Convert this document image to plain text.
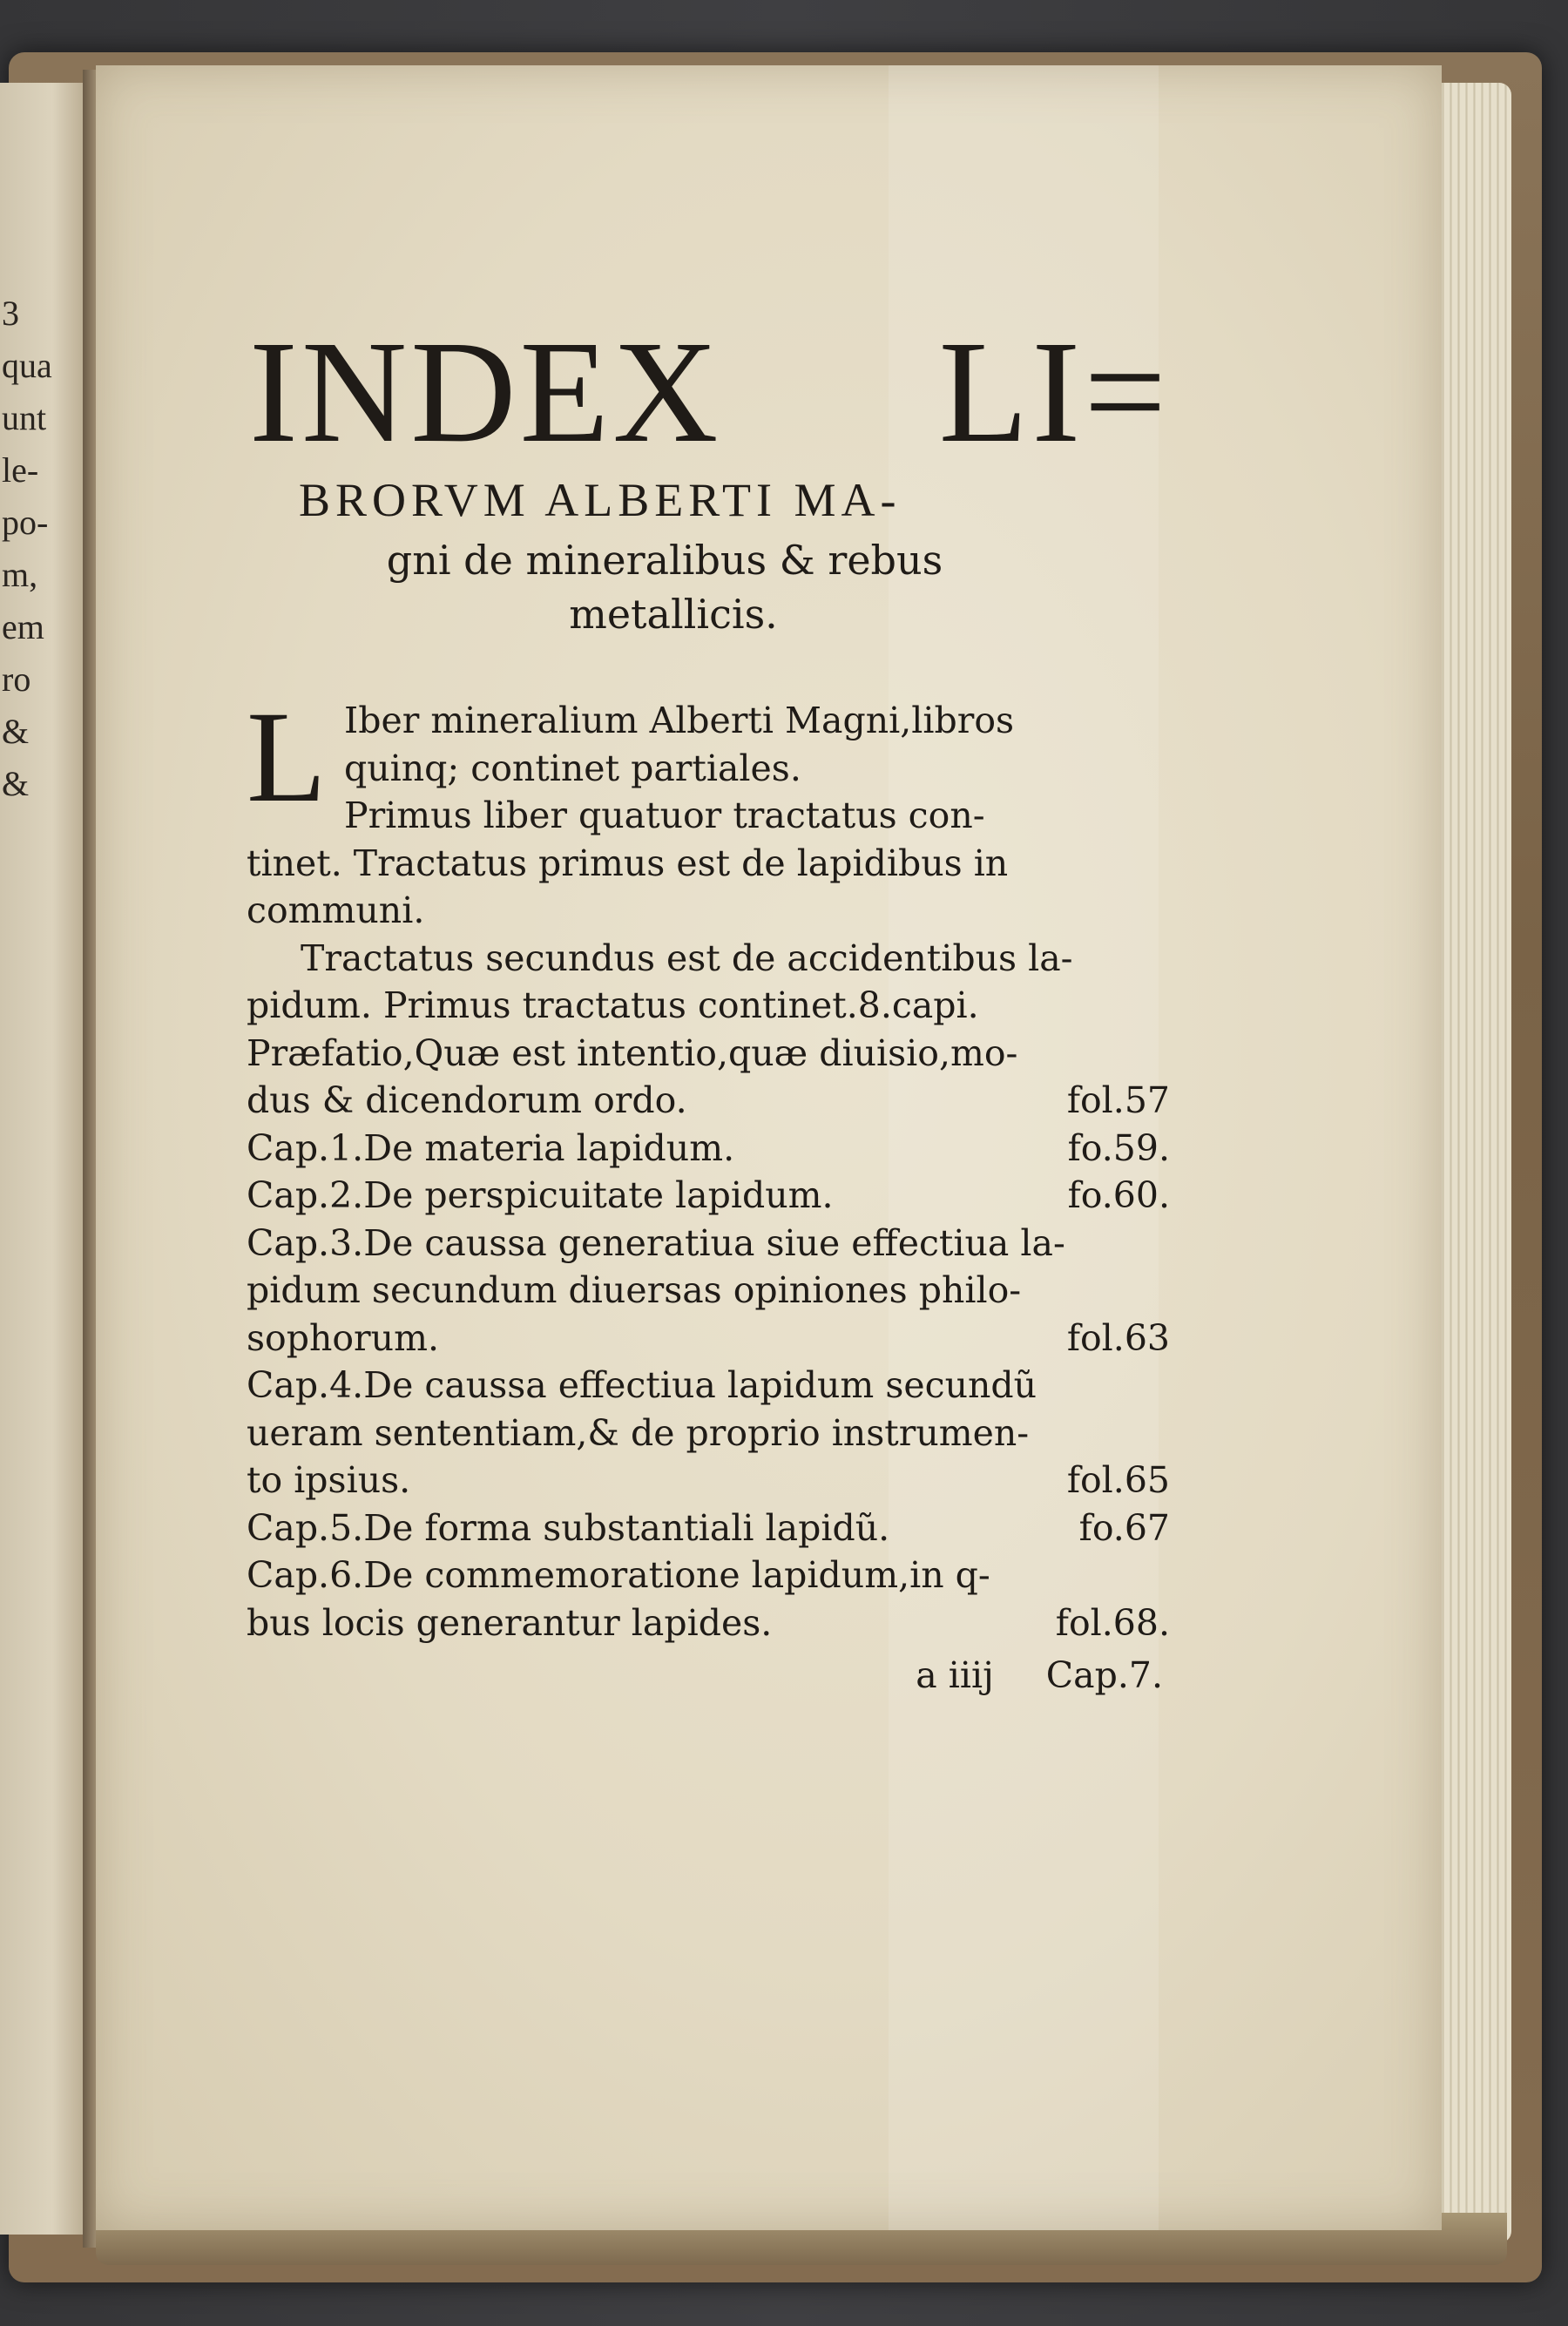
3
qua
unt
le-
po-
m,
em
ro
&
&
INDEX LI=
BRORVM ALBERTI MA-
gni de mineralibus & rebus
metallicis.
L Iber mineralium Alberti Magni,libros
quinq; continet partiales.
Primus liber quatuor tractatus con-
tinet. Tractatus primus est de lapidibus in
communi.
Tractatus secundus est de accidentibus la-
pidum. Primus tractatus continet.8.capi.
Præfatio,Quæ est intentio,quæ diuisio,mo-
dus & dicendorum ordo.	fol.57
Cap.1.De materia lapidum.	fo.59.
Cap.2.De perspicuitate lapidum.	fo.60.
Cap.3.De caussa generatiua siue effectiua la-
pidum secundum diuersas opiniones philo-
sophorum.	fol.63
Cap.4.De caussa effectiua lapidum secundũ
ueram sententiam,& de proprio instrumen-
to ipsius.	fol.65
Cap.5.De forma substantiali lapidũ.	fo.67
Cap.6.De commemoratione lapidum,in q-
bus locis generantur lapides.	fol.68.
a iiij Cap.7.
